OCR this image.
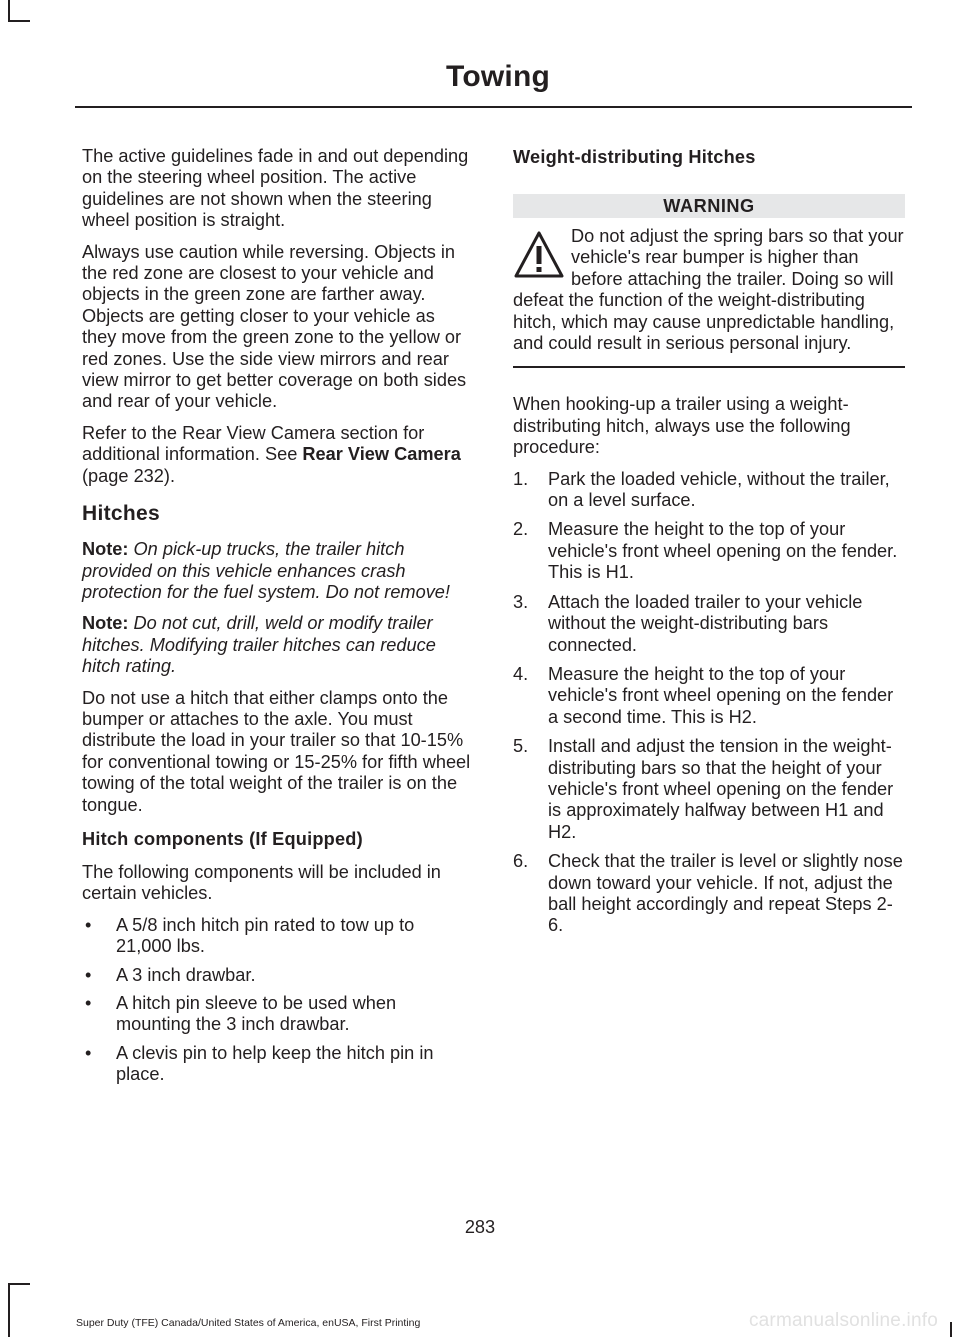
Towing

The active guidelines fade in and out depending on the steering wheel position. The active guidelines are not shown when the steering wheel position is straight.

Always use caution while reversing. Objects in the red zone are closest to your vehicle and objects in the green zone are farther away. Objects are getting closer to your vehicle as they move from the green zone to the yellow or red zones. Use the side view mirrors and rear view mirror to get better coverage on both sides and rear of your vehicle.

Refer to the Rear View Camera section for additional information. See Rear View Camera (page 232).

Hitches

Note: On pick-up trucks, the trailer hitch provided on this vehicle enhances crash protection for the fuel system. Do not remove!

Note: Do not cut, drill, weld or modify trailer hitches. Modifying trailer hitches can reduce hitch rating.

Do not use a hitch that either clamps onto the bumper or attaches to the axle. You must distribute the load in your trailer so that 10-15% for conventional towing or 15-25% for fifth wheel towing of the total weight of the trailer is on the tongue.

Hitch components (If Equipped)

The following components will be included in certain vehicles.

• A 5/8 inch hitch pin rated to tow up to 21,000 lbs.
• A 3 inch drawbar.
• A hitch pin sleeve to be used when mounting the 3 inch drawbar.
• A clevis pin to help keep the hitch pin in place.
Weight-distributing Hitches
WARNING
Do not adjust the spring bars so that your vehicle's rear bumper is higher than before attaching the trailer. Doing so will defeat the function of the weight-distributing hitch, which may cause unpredictable handling, and could result in serious personal injury.

When hooking-up a trailer using a weight-distributing hitch, always use the following procedure:

1. Park the loaded vehicle, without the trailer, on a level surface.
2. Measure the height to the top of your vehicle's front wheel opening on the fender. This is H1.
3. Attach the loaded trailer to your vehicle without the weight-distributing bars connected.
4. Measure the height to the top of your vehicle's front wheel opening on the fender a second time. This is H2.
5. Install and adjust the tension in the weight-distributing bars so that the height of your vehicle's front wheel opening on the fender is approximately halfway between H1 and H2.
6. Check that the trailer is level or slightly nose down toward your vehicle. If not, adjust the ball height accordingly and repeat Steps 2-6.
283
Super Duty (TFE) Canada/United States of America, enUSA, First Printing	carmanualsonline.info
